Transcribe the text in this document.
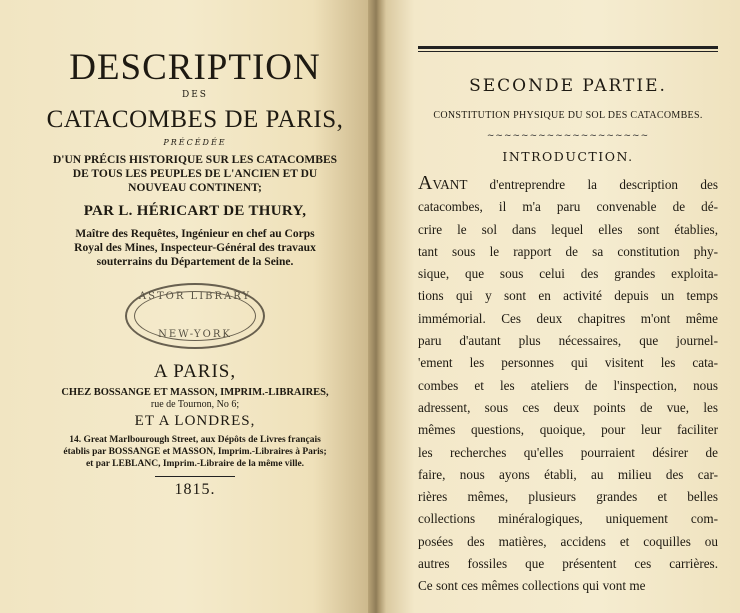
DESCRIPTION
DES
CATACOMBES DE PARIS,
PRÉCÉDÉE
D'UN PRÉCIS HISTORIQUE SUR LES CATACOMBES
DE TOUS LES PEUPLES DE L'ANCIEN ET DU
NOUVEAU CONTINENT;
PAR L. HÉRICART DE THURY,
Maître des Requêtes, Ingénieur en chef au Corps
Royal des Mines, Inspecteur-Général des travaux
souterrains du Département de la Seine.
ASTOR LIBRARY
NEW-YORK
A PARIS,
CHEZ BOSSANGE ET MASSON, IMPRIM.-LIBRAIRES,
rue de Tournon, No 6;
ET A LONDRES,
14. Great Marlbourough Street, aux Dépôts de Livres français
établis par BOSSANGE et MASSON, Imprim.-Libraires à Paris;
et par LEBLANC, Imprim.-Libraire de la même ville.
1815.
SECONDE PARTIE.
CONSTITUTION PHYSIQUE DU SOL DES CATACOMBES.
~~~~~~~~~~~~~~~~~~~
INTRODUCTION.
AVANT d'entreprendre la description des
catacombes, il m'a paru convenable de dé-
crire le sol dans lequel elles sont établies,
tant sous le rapport de sa constitution phy-
sique, que sous celui des grandes exploita-
tions qui y sont en activité depuis un temps
immémorial. Ces deux chapitres m'ont même
paru d'autant plus nécessaires, que journel-
'ement les personnes qui visitent les cata-
combes et les ateliers de l'inspection, nous
adressent, sous ces deux points de vue, les
mêmes questions, quoique, pour leur faciliter
les recherches qu'elles pourraient désirer de
faire, nous ayons établi, au milieu des car-
rières mêmes, plusieurs grandes et belles
collections minéralogiques, uniquement com-
posées des matières, accidens et coquilles ou
autres fossiles que présentent ces carrières.
Ce sont ces mêmes collections qui vont me
